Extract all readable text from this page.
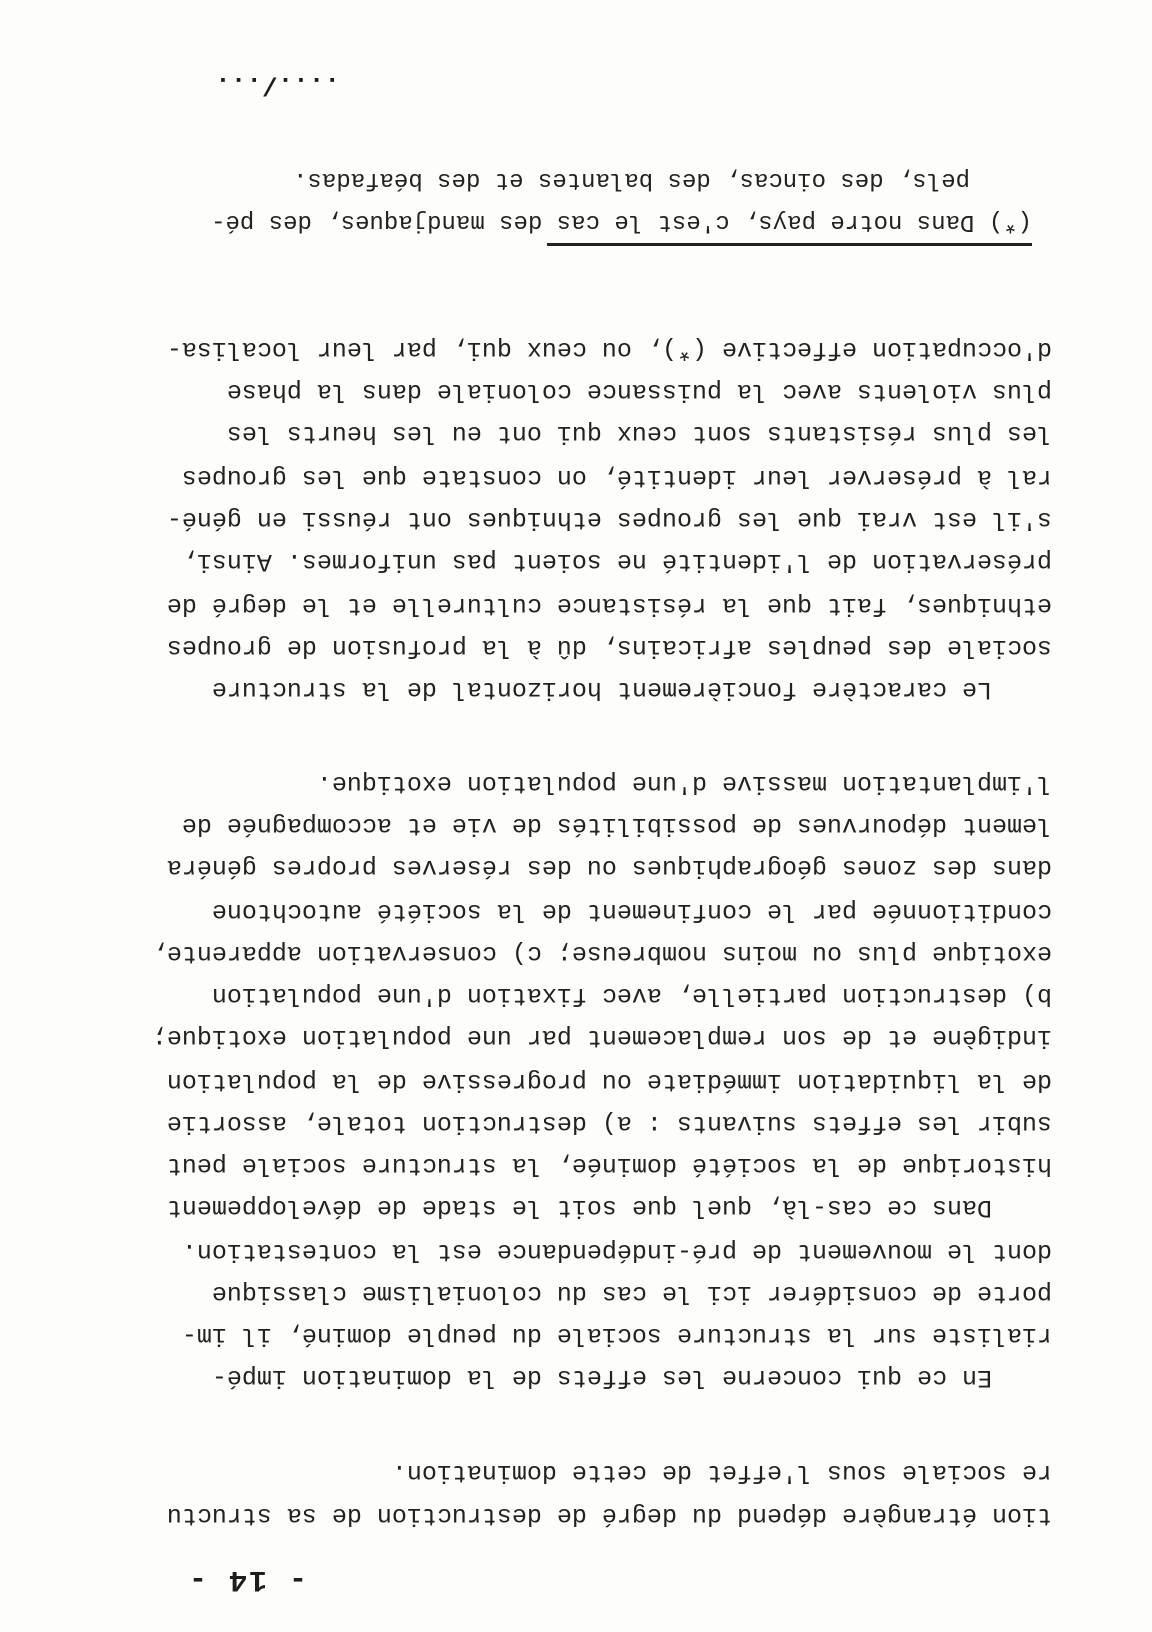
- 14 -

tion étrangère dépend du degré de destruction de sa structu

re sociale sous l'effet de cette domination.

En ce qui concerne les effets de la domination impé-

rialiste sur la structure sociale du peuple dominé, il im-

porte de considérer ici le cas du colonialisme classique

dont le mouvement de pré-indépendance est la contestation.

Dans ce cas-là, quel que soit le stade de développement

historique de la société dominée, la structure sociale peut

subir les effets suivants : a) destruction totale, assortie

de la liquidation immédiate ou progressive de la population

indigène et de son remplacement par une population exotique;

b) destruction partielle, avec fixation d'une population

exotique plus ou moins nombreuse; c) conservation apparente,

conditionnée par le confinement de la société autochtone

dans des zones géographiques ou des réserves propres généra

lement dépourvues de possibilités de vie et accompagnée de

l'implantation massive d'une population exotique.

Le caractère foncièrement horizontal de la structure

sociale des peuples africains, dû à la profusion de groupes

ethniques, fait que la résistance culturelle et le degré de

préservation de l'identité ne soient pas uniformes. Ainsi,

s'il est vrai que les groupes ethniques ont réussi en géné-

ral à préserver leur identité, on constate que les groupes

les plus résistants sont ceux qui ont eu les heurts les

plus violents avec la puissance coloniale dans la phase

d'occupation effective (*), ou ceux qui, par leur localisa-

(*) Dans notre pays, c'est le cas des mandjaques, des pé-

pels, des oincas, des balantes et des béafadas.

..../...
